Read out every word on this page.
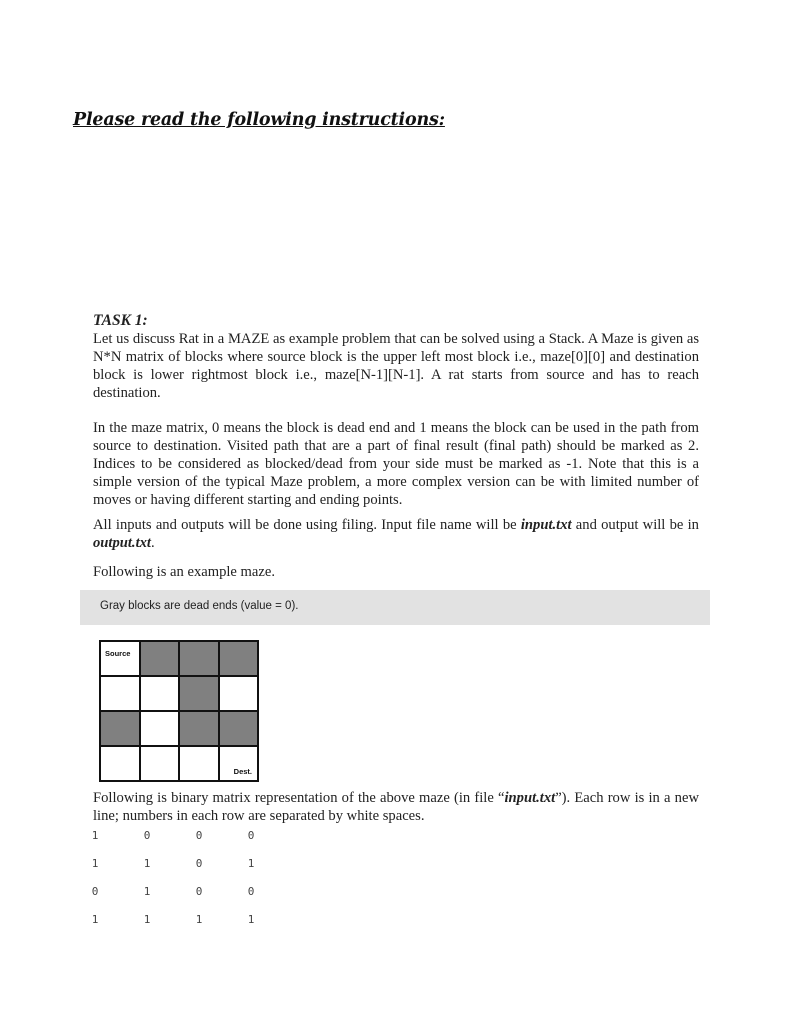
Please read the following instructions:

TASK 1:

Let us discuss Rat in a MAZE as example problem that can be solved using a Stack. A Maze is given as N*N matrix of blocks where source block is the upper left most block i.e., maze[0][0] and destination block is lower rightmost block i.e., maze[N-1][N-1]. A rat starts from source and has to reach destination.

In the maze matrix, 0 means the block is dead end and 1 means the block can be used in the path from source to destination. Visited path that are a part of final result (final path) should be marked as 2. Indices to be considered as blocked/dead from your side must be marked as -1. Note that this is a simple version of the typical Maze problem, a more complex version can be with limited number of moves or having different starting and ending points.

All inputs and outputs will be done using filing. Input file name will be input.txt and output will be in output.txt.

Following is an example maze.

Gray blocks are dead ends (value = 0).
Source
Dest.

Following is binary matrix representation of the above maze (in file “input.txt”). Each row is in a new line; numbers in each row are separated by white spaces.

1	0	0	0
1	1	0	1
0	1	0	0
1	1	1	1
